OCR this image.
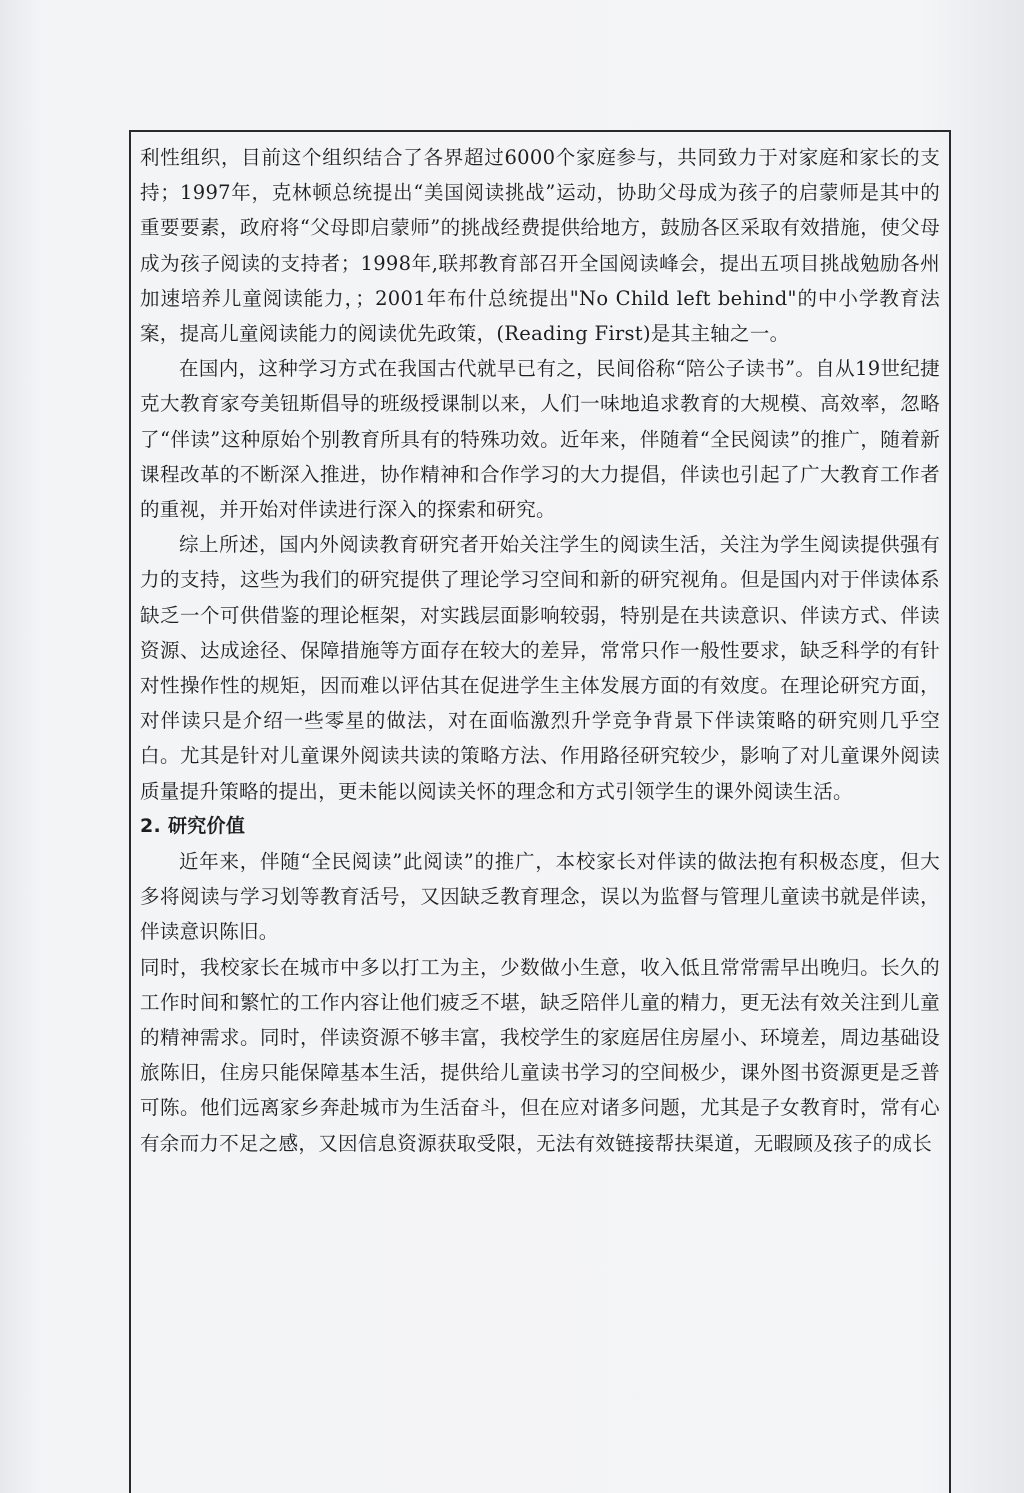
利性组织，目前这个组织结合了各界超过6000个家庭参与，共同致力于对家庭和家长的支持；1997年，克林顿总统提出“美国阅读挑战”运动，协助父母成为孩子的启蒙师是其中的重要要素，政府将“父母即启蒙师”的挑战经费提供给地方，鼓励各区采取有效措施，使父母成为孩子阅读的支持者；1998年,联邦教育部召开全国阅读峰会，提出五项目挑战勉励各州加速培养儿童阅读能力，；2001年布什总统提出"No Child left behind"的中小学教育法案，提高儿童阅读能力的阅读优先政策，(Reading First)是其主轴之一。

在国内，这种学习方式在我国古代就早已有之，民间俗称“陪公子读书”。自从19世纪捷克大教育家夸美钮斯倡导的班级授课制以来，人们一味地追求教育的大规模、高效率，忽略了“伴读”这种原始个别教育所具有的特殊功效。近年来，伴随着“全民阅读”的推广，随着新课程改革的不断深入推进，协作精神和合作学习的大力提倡，伴读也引起了广大教育工作者的重视，并开始对伴读进行深入的探索和研究。

综上所述，国内外阅读教育研究者开始关注学生的阅读生活，关注为学生阅读提供强有力的支持，这些为我们的研究提供了理论学习空间和新的研究视角。但是国内对于伴读体系缺乏一个可供借鉴的理论框架，对实践层面影响较弱，特别是在共读意识、伴读方式、伴读资源、达成途径、保障措施等方面存在较大的差异，常常只作一般性要求，缺乏科学的有针对性操作性的规矩，因而难以评估其在促进学生主体发展方面的有效度。在理论研究方面，对伴读只是介绍一些零星的做法，对在面临激烈升学竞争背景下伴读策略的研究则几乎空白。尤其是针对儿童课外阅读共读的策略方法、作用路径研究较少，影响了对儿童课外阅读质量提升策略的提出，更未能以阅读关怀的理念和方式引领学生的课外阅读生活。

2. 研究价值

近年来，伴随“全民阅读”此阅读”的推广，本校家长对伴读的做法抱有积极态度，但大多将阅读与学习划等教育活号，又因缺乏教育理念，误以为监督与管理儿童读书就是伴读，伴读意识陈旧。

同时，我校家长在城市中多以打工为主，少数做小生意，收入低且常常需早出晚归。长久的工作时间和繁忙的工作内容让他们疲乏不堪，缺乏陪伴儿童的精力，更无法有效关注到儿童的精神需求。同时，伴读资源不够丰富，我校学生的家庭居住房屋小、环境差，周边基础设旅陈旧，住房只能保障基本生活，提供给儿童读书学习的空间极少，课外图书资源更是乏普可陈。他们远离家乡奔赴城市为生活奋斗，但在应对诸多问题，尤其是子女教育时，常有心有余而力不足之感，又因信息资源获取受限，无法有效链接帮扶渠道，无暇顾及孩子的成长
